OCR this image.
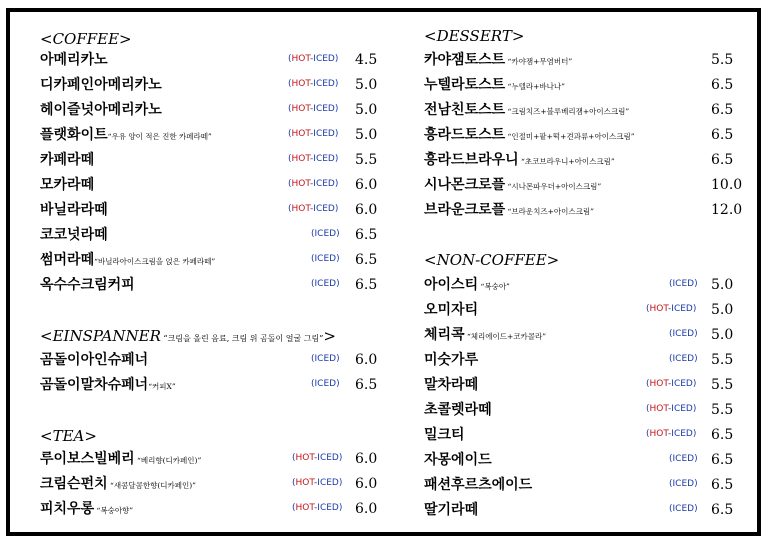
<COFFEE>
아메리카노	(HOT-ICED) 4.5
디카페인아메리카노	(HOT-ICED) 5.0
헤이즐넛아메리카노	(HOT-ICED) 5.0
플랫화이트“우유 양이 적은 진한 카페라떼”	(HOT-ICED) 5.0
카페라떼	(HOT-ICED) 5.5
모카라떼	(HOT-ICED) 6.0
바닐라라떼	(HOT-ICED) 6.0
코코넛라떼	(ICED) 6.5
썸머라떼“바닐라아이스크림을 얹은 카페라떼”	(ICED) 6.5
옥수수크림커피	(ICED) 6.5
<EINSPANNER “크림을 올린 음료, 크림 위 곰돌이 얼굴 그림”>
곰돌이아인슈페너	(ICED) 6.0
곰돌이말차슈페너“커피X”	(ICED) 6.5
<TEA>
루이보스빌베리 “베리향(디카페인)”	(HOT-ICED) 6.0
크림슨펀치 “새콤달콤한향(디카페인)”	(HOT-ICED) 6.0
피치우롱 “복숭아향”	(HOT-ICED) 6.0
<DESSERT>
카야잼토스트 “카야잼+무염버터”	5.5
누텔라토스트 “누텔라+바나나”	6.5
전남친토스트 “크림치즈+블루베리잼+아이스크림”	6.5
흥라드토스트 “인절미+팥+떡+견과류+아이스크림”	6.5
흥라드브라우니 “초코브라우니+아이스크림”	6.5
시나몬크로플 “시나몬파우더+아이스크림”	10.0
브라운크로플 “브라운치즈+아이스크림”	12.0
<NON-COFFEE>
아이스티 “복숭아”	(ICED) 5.0
오미자티	(HOT-ICED) 5.0
체리콕 “체리에이드+코카콜라”	(ICED) 5.0
미숫가루	(ICED) 5.5
말차라떼	(HOT-ICED) 5.5
초콜렛라떼	(HOT-ICED) 5.5
밀크티	(HOT-ICED) 6.5
자몽에이드	(ICED) 6.5
패션후르츠에이드	(ICED) 6.5
딸기라떼	(ICED) 6.5
